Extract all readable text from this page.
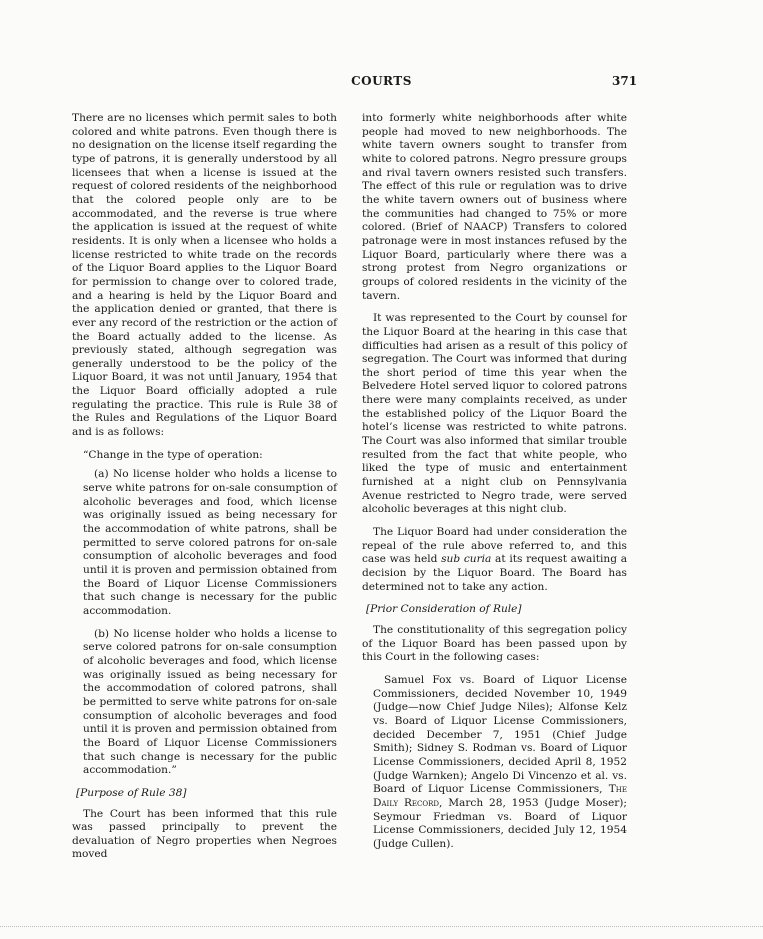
COURTS	371

There are no licenses which permit sales to both colored and white patrons. Even though there is no designation on the license itself regarding the type of patrons, it is generally understood by all licensees that when a license is issued at the request of colored residents of the neighborhood that the colored people only are to be accommodated, and the reverse is true where the application is issued at the request of white residents. It is only when a licensee who holds a license restricted to white trade on the records of the Liquor Board applies to the Liquor Board for permission to change over to colored trade, and a hearing is held by the Liquor Board and the application denied or granted, that there is ever any record of the restriction or the action of the Board actually added to the license. As previously stated, although segregation was generally understood to be the policy of the Liquor Board, it was not until January, 1954 that the Liquor Board officially adopted a rule regulating the practice. This rule is Rule 38 of the Rules and Regulations of the Liquor Board and is as follows:

“Change in the type of operation:

(a) No license holder who holds a license to serve white patrons for on-sale consumption of alcoholic beverages and food, which license was originally issued as being necessary for the accommodation of white patrons, shall be permitted to serve colored patrons for on-sale consumption of alcoholic beverages and food until it is proven and permission obtained from the Board of Liquor License Commissioners that such change is necessary for the public accommodation.

(b) No license holder who holds a license to serve colored patrons for on-sale consumption of alcoholic beverages and food, which license was originally issued as being necessary for the accommodation of colored patrons, shall be permitted to serve white patrons for on-sale consumption of alcoholic beverages and food until it is proven and permission obtained from the Board of Liquor License Commissioners that such change is necessary for the public accommodation.”

[Purpose of Rule 38]

The Court has been informed that this rule was passed principally to prevent the devaluation of Negro properties when Negroes moved

into formerly white neighborhoods after white people had moved to new neighborhoods. The white tavern owners sought to transfer from white to colored patrons. Negro pressure groups and rival tavern owners resisted such transfers. The effect of this rule or regulation was to drive the white tavern owners out of business where the communities had changed to 75% or more colored. (Brief of NAACP) Transfers to colored patronage were in most instances refused by the Liquor Board, particularly where there was a strong protest from Negro organizations or groups of colored residents in the vicinity of the tavern.

It was represented to the Court by counsel for the Liquor Board at the hearing in this case that difficulties had arisen as a result of this policy of segregation. The Court was informed that during the short period of time this year when the Belvedere Hotel served liquor to colored patrons there were many complaints received, as under the established policy of the Liquor Board the hotel’s license was restricted to white patrons. The Court was also informed that similar trouble resulted from the fact that white people, who liked the type of music and entertainment furnished at a night club on Pennsylvania Avenue restricted to Negro trade, were served alcoholic beverages at this night club.

The Liquor Board had under consideration the repeal of the rule above referred to, and this case was held sub curia at its request awaiting a decision by the Liquor Board. The Board has determined not to take any action.

[Prior Consideration of Rule]

The constitutionality of this segregation policy of the Liquor Board has been passed upon by this Court in the following cases:

Samuel Fox vs. Board of Liquor License Commissioners, decided November 10, 1949 (Judge—now Chief Judge Niles); Alfonse Kelz vs. Board of Liquor License Commissioners, decided December 7, 1951 (Chief Judge Smith); Sidney S. Rodman vs. Board of Liquor License Commissioners, decided April 8, 1952 (Judge Warnken); Angelo Di Vincenzo et al. vs. Board of Liquor License Commissioners, The Daily Record, March 28, 1953 (Judge Moser); Seymour Friedman vs. Board of Liquor License Commissioners, decided July 12, 1954 (Judge Cullen).
